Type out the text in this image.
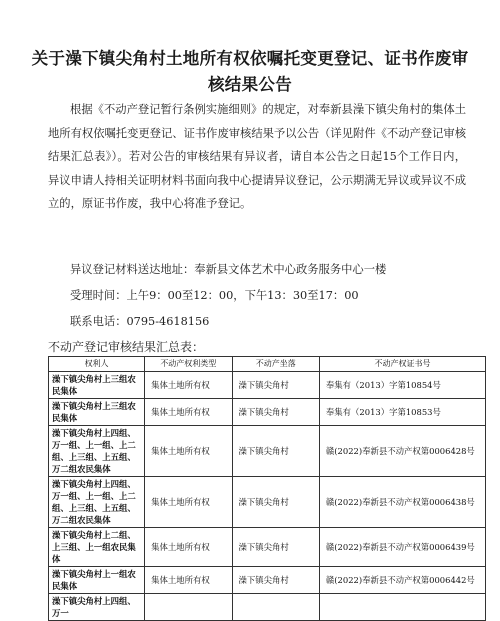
关于澡下镇尖角村土地所有权依嘱托变更登记、证书作废审核结果公告
根据《不动产登记暂行条例实施细则》的规定，对奉新县澡下镇尖角村的集体土地所有权依嘱托变更登记、证书作废审核结果予以公告（详见附件《不动产登记审核结果汇总表》）。若对公告的审核结果有异议者，请自本公告之日起15个工作日内，异议申请人持相关证明材料书面向我中心提请异议登记，公示期满无异议或异议不成立的，原证书作废，我中心将准予登记。
异议登记材料送达地址：奉新县文体艺术中心政务服务中心一楼
受理时间：上午9：00至12：00，下午13：30至17：00
联系电话：0795-4618156
不动产登记审核结果汇总表：
权利人	不动产权利类型	不动产坐落	不动产权证书号
澡下镇尖角村上三组农民集体	集体土地所有权	澡下镇尖角村	奉集有（2013）字第10854号
澡下镇尖角村上三组农民集体	集体土地所有权	澡下镇尖角村	奉集有（2013）字第10853号
澡下镇尖角村上四组、万一组、上一组、上二组、上三组、上五组、万二组农民集体	集体土地所有权	澡下镇尖角村	赣(2022)奉新县不动产权第0006428号
澡下镇尖角村上四组、万一组、上一组、上二组、上三组、上五组、万二组农民集体	集体土地所有权	澡下镇尖角村	赣(2022)奉新县不动产权第0006438号
澡下镇尖角村上二组、上三组、上一组农民集体	集体土地所有权	澡下镇尖角村	赣(2022)奉新县不动产权第0006439号
澡下镇尖角村上一组农民集体	集体土地所有权	澡下镇尖角村	赣(2022)奉新县不动产权第0006442号
澡下镇尖角村上四组、万一			
